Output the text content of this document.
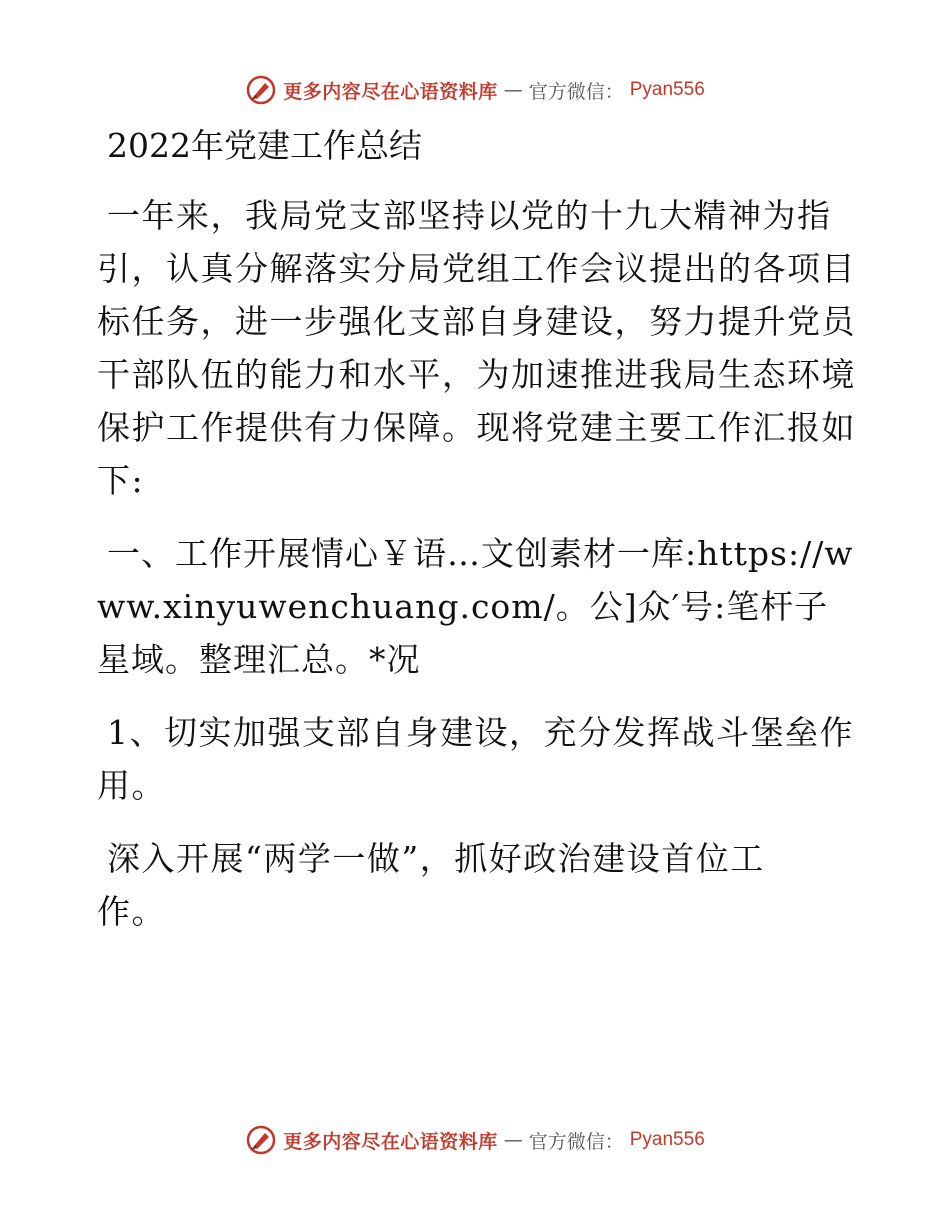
更多内容尽在心语资料库 — 官方微信： Pyan556
2022年党建工作总结

一年来，我局党支部坚持以党的十九大精神为指引，认真分解落实分局党组工作会议提出的各项目标任务，进一步强化支部自身建设，努力提升党员干部队伍的能力和水平，为加速推进我局生态环境保护工作提供有力保障。现将党建主要工作汇报如下:

一、工作开展情心￥语…文创素材一库:https://www.xinyuwenchuang.com/。公]众′号:笔杆子星域。整理汇总。*况

1、切实加强支部自身建设，充分发挥战斗堡垒作用。

深入开展“两学一做”，抓好政治建设首位工作。

更多内容尽在心语资料库 — 官方微信： Pyan556
